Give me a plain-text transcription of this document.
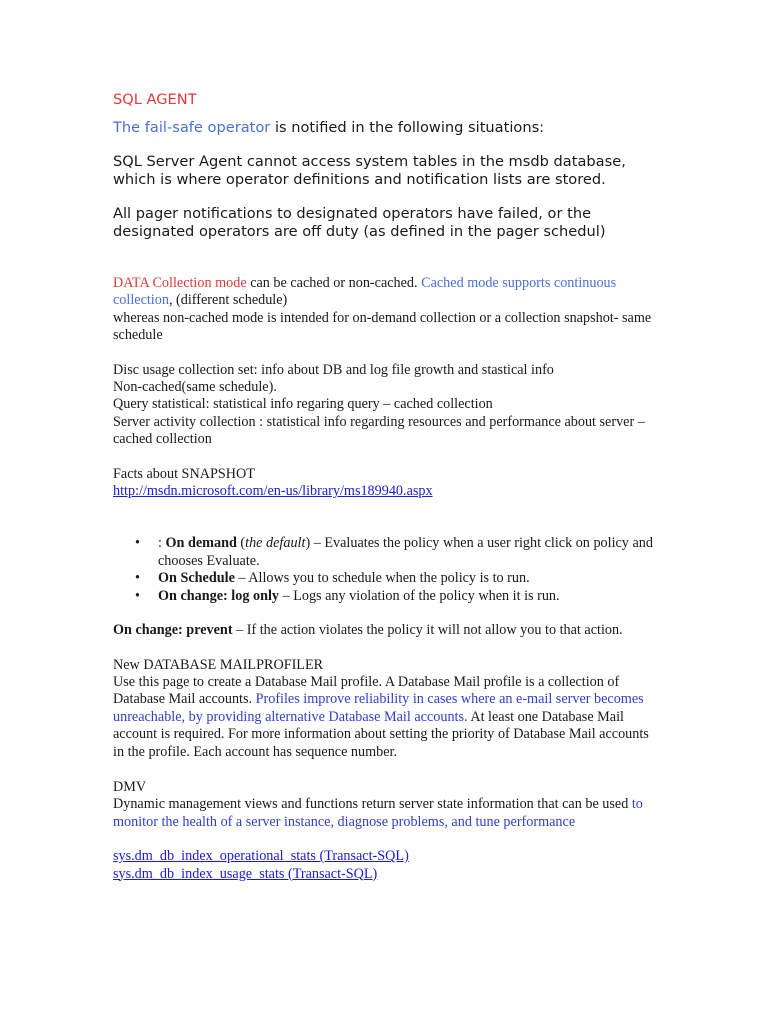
SQL AGENT

The fail-safe operator is notified in the following situations:

SQL Server Agent cannot access system tables in the msdb database, which is where operator definitions and notification lists are stored.

All pager notifications to designated operators have failed, or the designated operators are off duty (as defined in the pager schedul)

DATA Collection mode can be cached or non-cached. Cached mode supports continuous collection, (different schedule)

whereas non-cached mode is intended for on-demand collection or a collection snapshot- same schedule

Disc usage collection set: info about DB and log file growth and stastical info

Non-cached(same schedule).

Query statistical: statistical info regaring query – cached collection

Server activity collection : statistical info regarding resources and performance about server – cached collection

Facts about SNAPSHOT

http://msdn.microsoft.com/en-us/library/ms189940.aspx

• : On demand (the default) – Evaluates the policy when a user right click on policy and chooses Evaluate.
• On Schedule – Allows you to schedule when the policy is to run.
• On change: log only – Logs any violation of the policy when it is run.

On change: prevent – If the action violates the policy it will not allow you to that action.

New DATABASE MAILPROFILER

Use this page to create a Database Mail profile. A Database Mail profile is a collection of Database Mail accounts. Profiles improve reliability in cases where an e-mail server becomes unreachable, by providing alternative Database Mail accounts. At least one Database Mail account is required. For more information about setting the priority of Database Mail accounts in the profile. Each account has sequence number.

DMV

Dynamic management views and functions return server state information that can be used to monitor the health of a server instance, diagnose problems, and tune performance

sys.dm_db_index_operational_stats (Transact-SQL)

sys.dm_db_index_usage_stats (Transact-SQL)
